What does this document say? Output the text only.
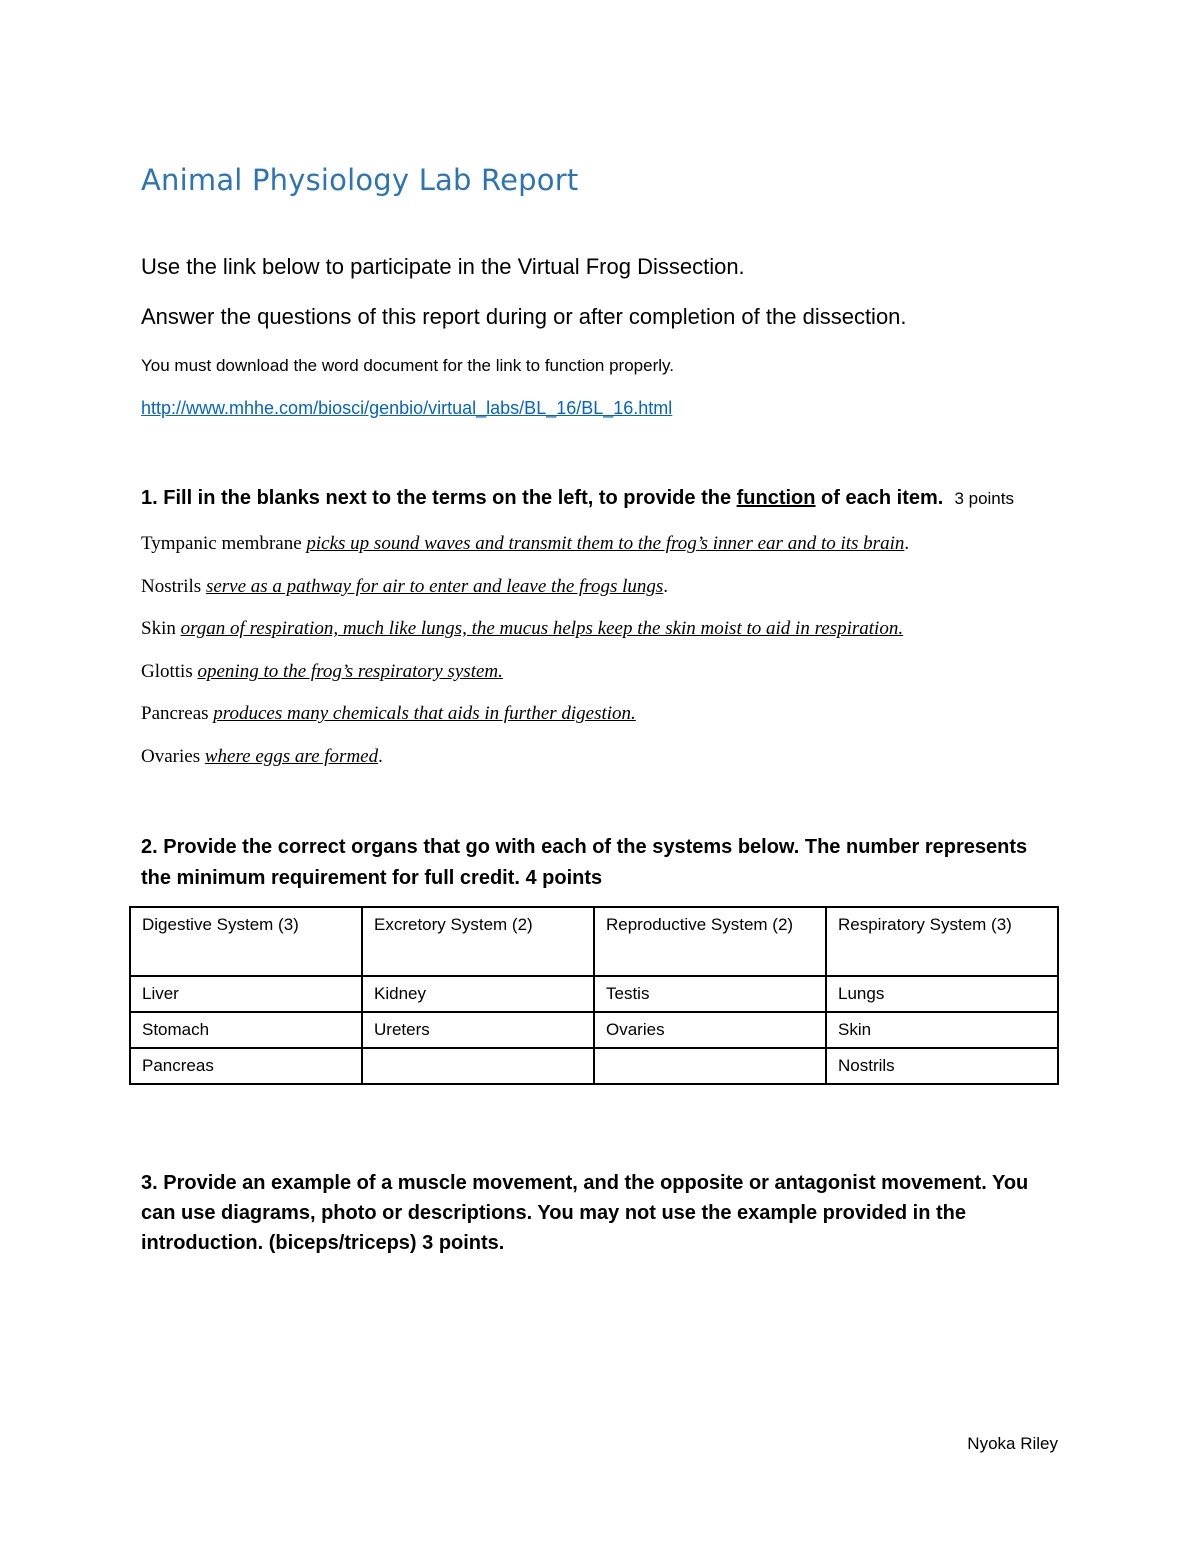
Animal Physiology Lab Report
Use the link below to participate in the Virtual Frog Dissection.
Answer the questions of this report during or after completion of the dissection.
You must download the word document for the link to function properly.
http://www.mhhe.com/biosci/genbio/virtual_labs/BL_16/BL_16.html
1. Fill in the blanks next to the terms on the left, to provide the function of each item. 3 points
Tympanic membrane picks up sound waves and transmit them to the frog’s inner ear and to its brain.
Nostrils serve as a pathway for air to enter and leave the frogs lungs.
Skin organ of respiration, much like lungs, the mucus helps keep the skin moist to aid in respiration.
Glottis opening to the frog’s respiratory system.
Pancreas produces many chemicals that aids in further digestion.
Ovaries where eggs are formed.
2. Provide the correct organs that go with each of the systems below. The number represents the minimum requirement for full credit. 4 points
Digestive System (3)	Excretory System (2)	Reproductive System (2)	Respiratory System (3)
Liver	Kidney	Testis	Lungs
Stomach	Ureters	Ovaries	Skin
Pancreas			Nostrils
3. Provide an example of a muscle movement, and the opposite or antagonist movement. You can use diagrams, photo or descriptions. You may not use the example provided in the introduction. (biceps/triceps) 3 points.
Nyoka Riley
